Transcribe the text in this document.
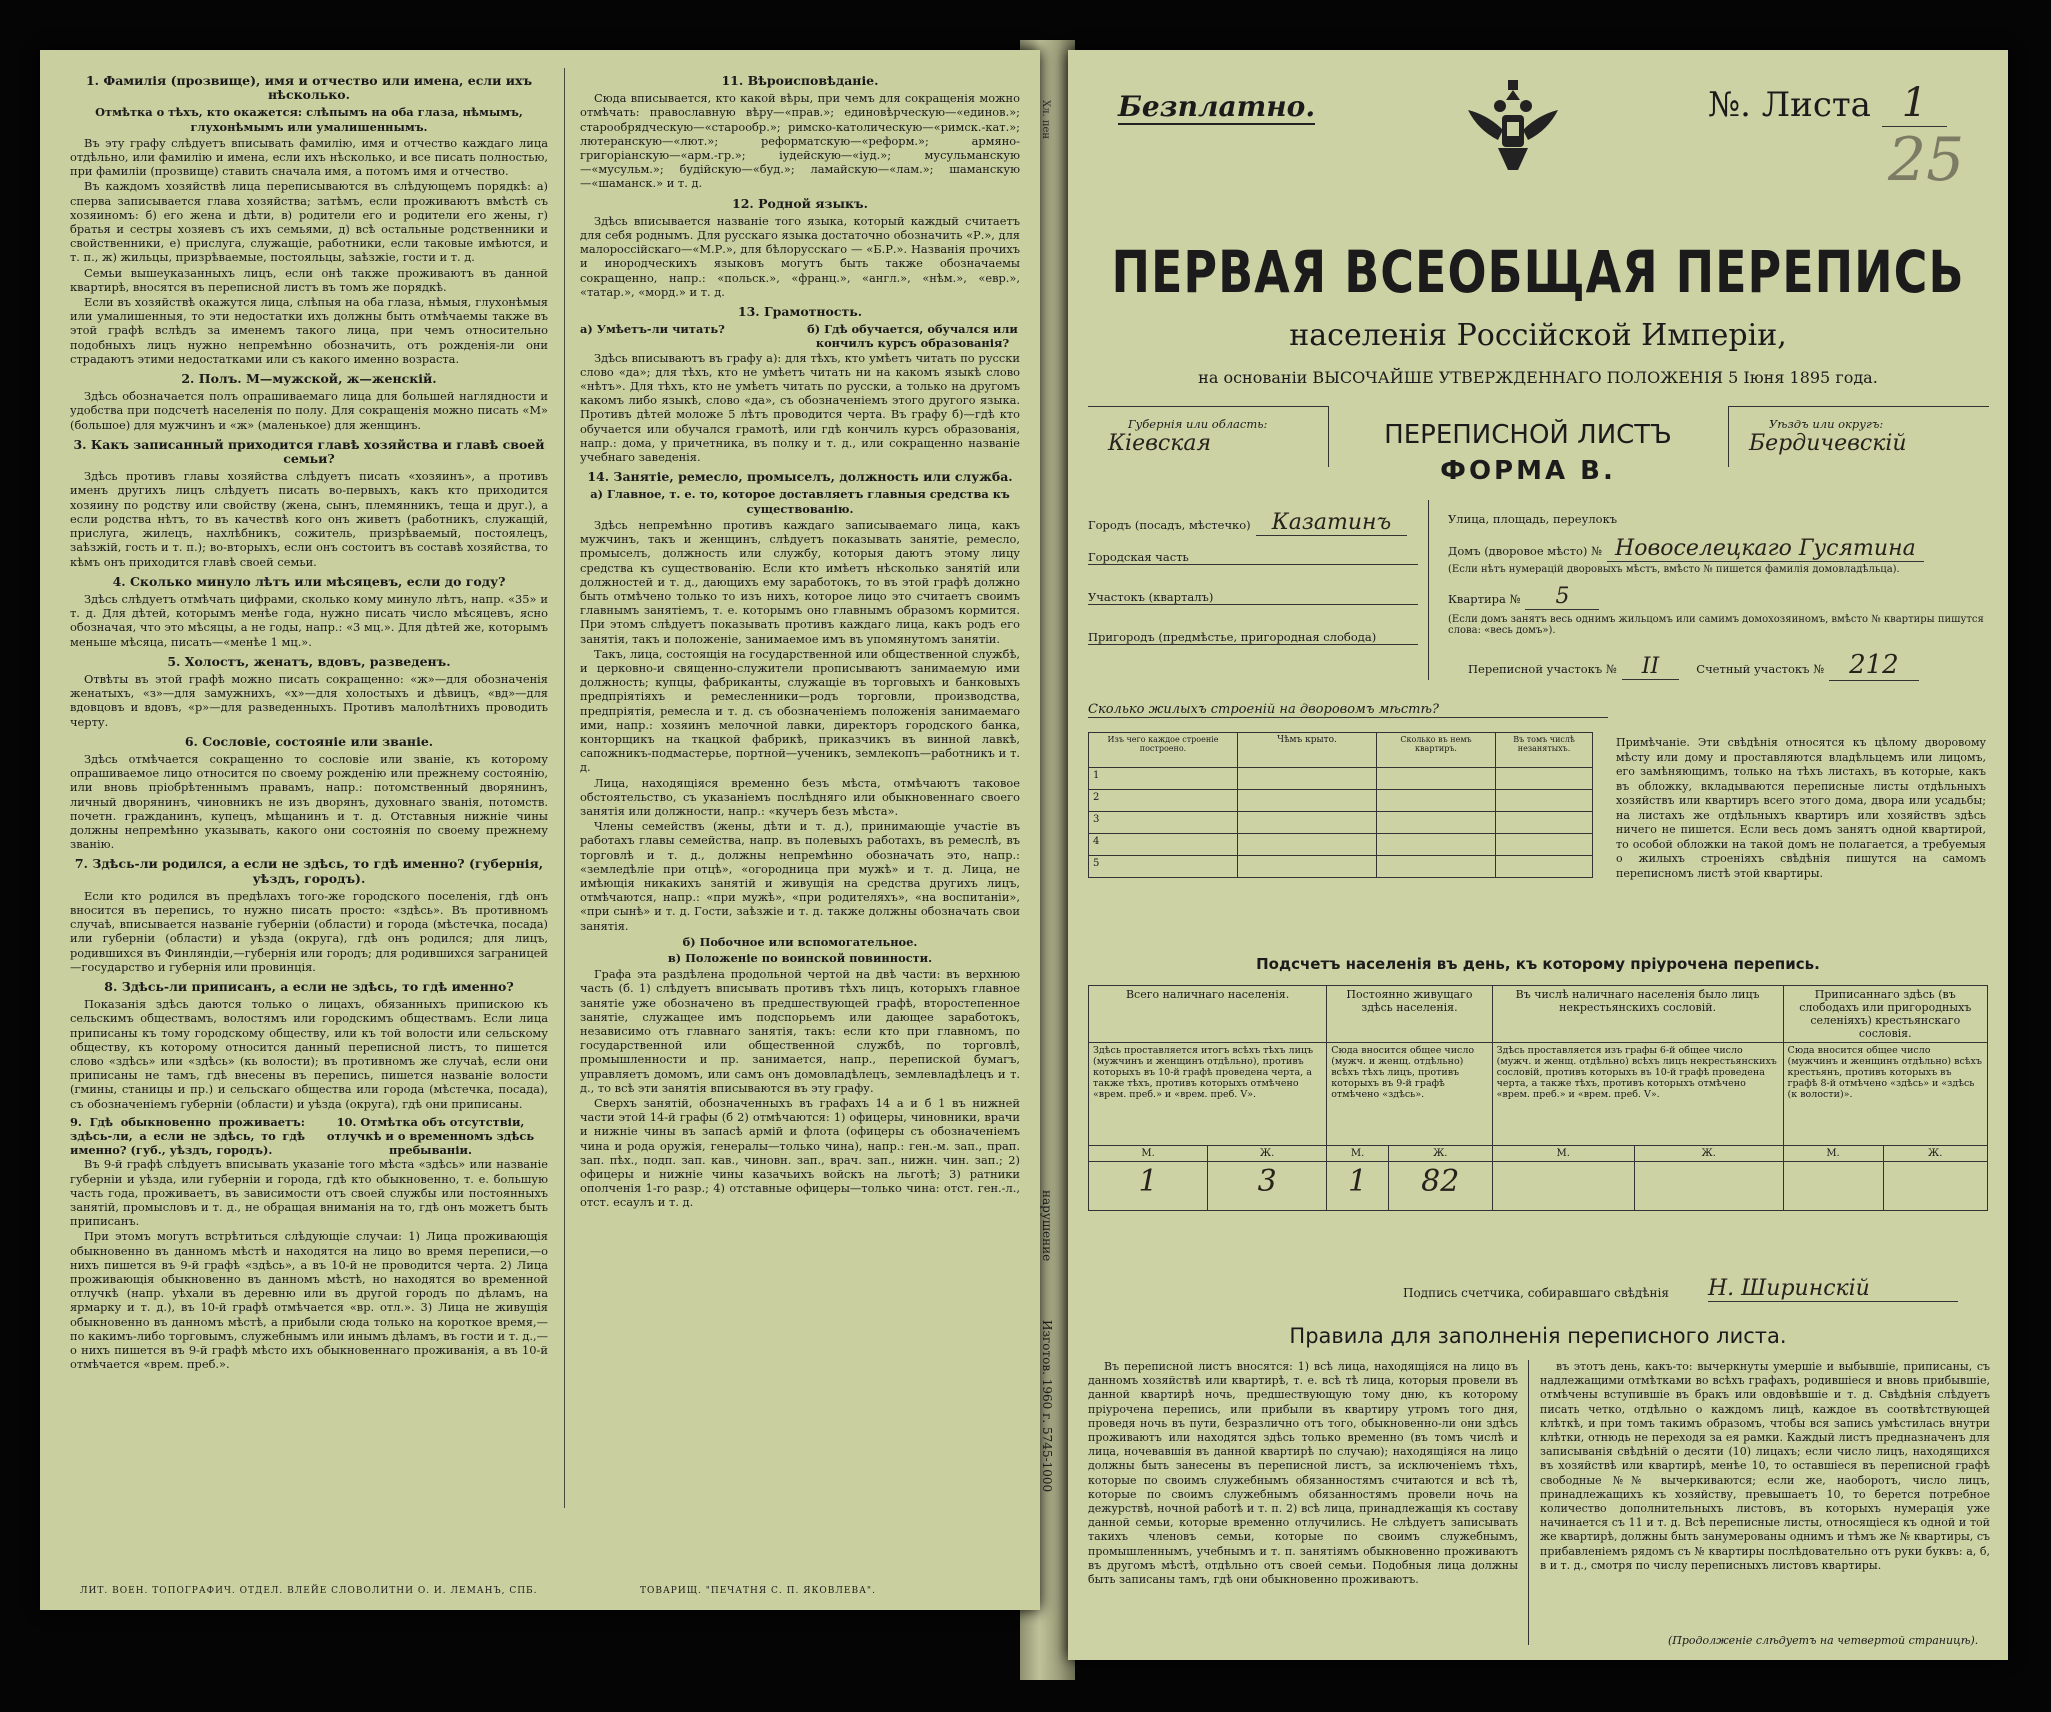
Хл. пен
нарушение
Изготов. 1960 г. 5745-1000
1. Фамилія (прозвище), имя и отчество или имена, если ихъ нѣсколько.
Отмѣтка о тѣхъ, кто окажется: слѣпымъ на оба глаза, нѣмымъ, глухонѣмымъ или умалишеннымъ.

Въ эту графу слѣдуетъ вписывать фамилію, имя и отчество каждаго лица отдѣльно, или фамилію и имена, если ихъ нѣсколько, и все писать полностью, при фамиліи (прозвище) ставить сначала имя, а потомъ имя и отчество.

Въ каждомъ хозяйствѣ лица переписываются въ слѣдующемъ порядкѣ: а) сперва записывается глава хозяйства; затѣмъ, если проживаютъ вмѣстѣ съ хозяиномъ: б) его жена и дѣти, в) родители его и родители его жены, г) братья и сестры хозяевъ съ ихъ семьями, д) всѣ остальные родственники и свойственники, е) прислуга, служащіе, работники, если таковые имѣются, и т. п., ж) жильцы, призрѣваемые, постояльцы, заѣзжіе, гости и т. д.

Семьи вышеуказанныхъ лицъ, если онѣ также проживаютъ въ данной квартирѣ, вносятся въ переписной листъ въ томъ же порядкѣ.

Если въ хозяйствѣ окажутся лица, слѣпыя на оба глаза, нѣмыя, глухонѣмыя или умалишенныя, то эти недостатки ихъ должны быть отмѣчаемы также въ этой графѣ вслѣдъ за именемъ такого лица, при чемъ относительно подобныхъ лицъ нужно непремѣнно обозначить, отъ рожденія-ли они страдаютъ этими недостатками или съ какого именно возраста.

2. Полъ. М—мужской, ж—женскій.

Здѣсь обозначается полъ опрашиваемаго лица для большей наглядности и удобства при подсчетѣ населенія по полу. Для сокращенія можно писать «М» (большое) для мужчинъ и «ж» (маленькое) для женщинъ.

3. Какъ записанный приходится главѣ хозяйства и главѣ своей семьи?

Здѣсь противъ главы хозяйства слѣдуетъ писать «хозяинъ», а противъ именъ другихъ лицъ слѣдуетъ писать во-первыхъ, какъ кто приходится хозяину по родству или свойству (жена, сынъ, племянникъ, теща и друг.), а если родства нѣтъ, то въ качествѣ кого онъ живетъ (работникъ, служащій, прислуга, жилецъ, нахлѣбникъ, сожитель, призрѣваемый, постоялецъ, заѣзжій, гость и т. п.); во-вторыхъ, если онъ состоитъ въ составѣ хозяйства, то кѣмъ онъ приходится главѣ своей семьи.

4. Сколько минуло лѣтъ или мѣсяцевъ, если до году?

Здѣсь слѣдуетъ отмѣчать цифрами, сколько кому минуло лѣтъ, напр. «35» и т. д. Для дѣтей, которымъ менѣе года, нужно писать число мѣсяцевъ, ясно обозначая, что это мѣсяцы, а не годы, напр.: «3 мц.». Для дѣтей же, которымъ меньше мѣсяца, писать—«менѣе 1 мц.».

5. Холостъ, женатъ, вдовъ, разведенъ.

Отвѣты въ этой графѣ можно писать сокращенно: «ж»—для обозначенія женатыхъ, «з»—для замужнихъ, «х»—для холостыхъ и дѣвицъ, «вд»—для вдовцовъ и вдовъ, «р»—для разведенныхъ. Противъ малолѣтнихъ проводить черту.

6. Сословіе, состояніе или званіе.

Здѣсь отмѣчается сокращенно то сословіе или званіе, къ которому опрашиваемое лицо относится по своему рожденію или прежнему состоянію, или вновь пріобрѣтеннымъ правамъ, напр.: потомственный дворянинъ, личный дворянинъ, чиновникъ не изъ дворянъ, духовнаго званія, потомств. почетн. гражданинъ, купецъ, мѣщанинъ и т. д. Отставныя нижніе чины должны непремѣнно указывать, какого они состоянія по своему прежнему званію.

7. Здѣсь-ли родился, а если не здѣсь, то гдѣ именно? (губернія, уѣздъ, городъ).

Если кто родился въ предѣлахъ того-же городского поселенія, гдѣ онъ вносится въ перепись, то нужно писать просто: «здѣсь». Въ противномъ случаѣ, вписывается названіе губерніи (области) и города (мѣстечка, посада) или губерніи (области) и уѣзда (округа), гдѣ онъ родился; для лицъ, родившихся въ Финляндіи,—губернія или городъ; для родившихся заграницей—государство и губернія или провинція.

8. Здѣсь-ли приписанъ, а если не здѣсь, то гдѣ именно?

Показанія здѣсь даются только о лицахъ, обязанныхъ припискою къ сельскимъ обществамъ, волостямъ или городскимъ обществамъ. Если лица приписаны къ тому городскому обществу, или къ той волости или сельскому обществу, къ которому относится данный переписной листъ, то пишется слово «здѣсь» или «здѣсь» (кь волости); въ противномъ же случаѣ, если они приписаны не тамъ, гдѣ внесены въ перепись, пишется названіе волости (гмины, станицы и пр.) и сельскаго общества или города (мѣстечка, посада), съ обозначеніемъ губерніи (области) и уѣзда (округа), гдѣ они приписаны.

9. Гдѣ обыкновенно проживаетъ: здѣсь-ли, а если не здѣсь, то гдѣ именно? (губ., уѣздъ, городъ).
10. Отмѣтка объ отсутствіи, отлучкѣ и о временномъ здѣсь пребываніи.

Въ 9-й графѣ слѣдуетъ вписывать указаніе того мѣста «здѣсь» или названіе губерніи и уѣзда, или губерніи и города, гдѣ кто обыкновенно, т. е. большую часть года, проживаетъ, въ зависимости отъ своей службы или постоянныхъ занятій, промысловъ и т. д., не обращая вниманія на то, гдѣ онъ можетъ быть приписанъ.

При этомъ могутъ встрѣтиться слѣдующіе случаи: 1) Лица проживающія обыкновенно въ данномъ мѣстѣ и находятся на лицо во время переписи,—о нихъ пишется въ 9-й графѣ «здѣсь», а въ 10-й не проводится черта. 2) Лица проживающія обыкновенно въ данномъ мѣстѣ, но находятся во временной отлучкѣ (напр. уѣхали въ деревню или въ другой городъ по дѣламъ, на ярмарку и т. д.), въ 10-й графѣ отмѣчается «вр. отл.». 3) Лица не живущія обыкновенно въ данномъ мѣстѣ, а прибыли сюда только на короткое время,—по какимъ-либо торговымъ, служебнымъ или инымъ дѣламъ, въ гости и т. д.,—о нихъ пишется въ 9-й графѣ мѣсто ихъ обыкновеннаго проживанія, а въ 10-й отмѣчается «врем. преб.».

11. Вѣроисповѣданіе.

Сюда вписывается, кто какой вѣры, при чемъ для сокращенія можно отмѣчать: православную вѣру—«прав.»; единовѣрческую—«единов.»; старообрядческую—«старообр.»; римско-католическую—«римск.-кат.»; лютеранскую—«лют.»; реформатскую—«реформ.»; армяно-григоріанскую—«арм.-гр.»; іудейскую—«іуд.»; мусульманскую—«мусульм.»; будійскую—«буд.»; ламайскую—«лам.»; шаманскую—«шаманск.» и т. д.

12. Родной языкъ.

Здѣсь вписывается названіе того языка, который каждый считаетъ для себя роднымъ. Для русскаго языка достаточно обозначить «Р.», для малороссійскаго—«М.Р.», для бѣлорусскаго — «Б.Р.». Названія прочихъ и инородческихъ языковъ могутъ быть также обозначаемы сокращенно, напр.: «польск.», «франц.», «англ.», «нѣм.», «евр.», «татар.», «морд.» и т. д.

13. Грамотность.
а) Умѣетъ-ли читать?	б) Гдѣ обучается, обучался или кончилъ курсъ образованія?

Здѣсь вписываютъ въ графу а): для тѣхъ, кто умѣетъ читать по русски слово «да»; для тѣхъ, кто не умѣетъ читать ни на какомъ языкѣ слово «нѣтъ». Для тѣхъ, кто не умѣетъ читать по русски, а только на другомъ какомъ либо языкѣ, слово «да», съ обозначеніемъ этого другого языка. Противъ дѣтей моложе 5 лѣтъ проводится черта. Въ графу б)—гдѣ кто обучается или обучался грамотѣ, или гдѣ кончилъ курсъ образованія, напр.: дома, у причетника, въ полку и т. д., или сокращенно названіе учебнаго заведенія.

14. Занятіе, ремесло, промыселъ, должность или служба.
а) Главное, т. е. то, которое доставляетъ главныя средства къ существованію.

Здѣсь непремѣнно противъ каждаго записываемаго лица, какъ мужчинъ, такъ и женщинъ, слѣдуетъ показывать занятіе, ремесло, промыселъ, должность или службу, которыя даютъ этому лицу средства къ существованію. Если кто имѣетъ нѣсколько занятій или должностей и т. д., дающихъ ему заработокъ, то въ этой графѣ должно быть отмѣчено только то изъ нихъ, которое лицо это считаетъ своимъ главнымъ занятіемъ, т. е. которымъ оно главнымъ образомъ кормится. При этомъ слѣдуетъ показывать противъ каждаго лица, какъ родъ его занятія, такъ и положеніе, занимаемое имъ въ упомянутомъ занятіи.

Такъ, лица, состоящія на государственной или общественной службѣ, и церковно-и священно-служители прописываютъ занимаемую ими должность; купцы, фабриканты, служащіе въ торговыхъ и банковыхъ предпріятіяхъ и ремесленники—родъ торговли, производства, предпріятія, ремесла и т. д. съ обозначеніемъ положенія занимаемаго ими, напр.: хозяинъ мелочной лавки, директоръ городского банка, конторщикъ на ткацкой фабрикѣ, приказчикъ въ винной лавкѣ, сапожникъ-подмастерье, портной—ученикъ, землекопъ—работникъ и т. д.

Лица, находящіяся временно безъ мѣста, отмѣчаютъ таковое обстоятельство, съ указаніемъ послѣдняго или обыкновеннаго своего занятія или должности, напр.: «кучеръ безъ мѣста».

Члены семействъ (жены, дѣти и т. д.), принимающіе участіе въ работахъ главы семейства, напр. въ полевыхъ работахъ, въ ремеслѣ, въ торговлѣ и т. д., должны непремѣнно обозначать это, напр.: «земледѣліе при отцѣ», «огородница при мужѣ» и т. д. Лица, не имѣющія никакихъ занятій и живущія на средства другихъ лицъ, отмѣчаются, напр.: «при мужѣ», «при родителяхъ», «на воспитаніи», «при сынѣ» и т. д. Гости, заѣзжіе и т. д. также должны обозначать свои занятія.

б) Побочное или вспомогательное.
в) Положеніе по воинской повинности.

Графа эта раздѣлена продольной чертой на двѣ части: въ верхнюю часть (б. 1) слѣдуетъ вписывать противъ тѣхъ лицъ, которыхъ главное занятіе уже обозначено въ предшествующей графѣ, второстепенное занятіе, служащее имъ подспорьемъ или дающее заработокъ, независимо отъ главнаго занятія, такъ: если кто при главномъ, по государственной или общественной службѣ, по торговлѣ, промышленности и пр. занимается, напр., перепиской бумагъ, управляетъ домомъ, или самъ онъ домовладѣлецъ, землевладѣлецъ и т. д., то всѣ эти занятія вписываются въ эту графу.

Сверхъ занятій, обозначенныхъ въ графахъ 14 а и б 1 въ нижней части этой 14-й графы (б 2) отмѣчаются: 1) офицеры, чиновники, врачи и нижніе чины въ запасѣ армій и флота (офицеры съ обозначеніемъ чина и рода оружія, генералы—только чина), напр.: ген.-м. зап., прап. зап. пѣх., подп. зап. кав., чиновн. зап., врач. зап., нижн. чин. зап.; 2) офицеры и нижніе чины казачьихъ войскъ на льготѣ; 3) ратники ополченія 1-го разр.; 4) отставные офицеры—только чина: отст. ген.-л., отст. есаулъ и т. д.

ЛИТ. ВОЕН. ТОПОГРАФИЧ. ОТДЕЛ. ВЛЕЙЕ СЛОВОЛИТНИ О. И. ЛЕМАНЪ, СПБ.	ТОВАРИЩ. "ПЕЧАТНЯ С. П. ЯКОВЛЕВА".
Безплатно.	№. Листа 1
25
ПЕРВАЯ ВСЕОБЩАЯ ПЕРЕПИСЬ
населенія Россійской Имперіи,
на основаніи ВЫСОЧАЙШЕ УТВЕРЖДЕННАГО ПОЛОЖЕНІЯ 5 Іюня 1895 года.
Губернія или область:
Кіевская	ПЕРЕПИСНОЙ ЛИСТЪ
ФОРМА В.
Уѣздъ или округъ:
Бердичевскій
Городъ (посадъ, мѣстечко) Казатинъ
Городская часть
Участокъ (кварталъ)
Пригородъ (предмѣстье, пригородная слобода)
Улица, площадь, переулокъ
Домъ (дворовое мѣсто) № Новоселецкаго Гусятина
(Если нѣтъ нумерацій дворовыхъ мѣстъ, вмѣсто № пишется фамилія домовладѣльца).
Квартира № 5
(Если домъ занятъ весь однимъ жильцомъ или самимъ домохозяиномъ, вмѣсто № квартиры пишутся слова: «весь домъ»).
Переписной участокъ № II	Счетный участокъ № 212
Сколько жилыхъ строеній на дворовомъ мѣстѣ?
Изъ чего каждое строеніе построено.	Чѣмъ крыто.	Сколько въ немъ квартиръ.	Въ томъ числѣ незанятыхъ.
1			
2			
3			
4			
5			
Примѣчаніе. Эти свѣдѣнія относятся къ цѣлому дворовому мѣсту или дому и проставляются владѣльцемъ или лицомъ, его замѣняющимъ, только на тѣхъ листахъ, въ которые, какъ въ обложку, вкладываются переписные листы отдѣльныхъ хозяйствъ или квартиръ всего этого дома, двора или усадьбы; на листахъ же отдѣльныхъ квартиръ или хозяйствъ здѣсь ничего не пишется. Если весь домъ занятъ одной квартирой, то особой обложки на такой домъ не полагается, а требуемыя о жилыхъ строеніяхъ свѣдѣнія пишутся на самомъ переписномъ листѣ этой квартиры.
Подсчетъ населенія въ день, къ которому пріурочена перепись.
Всего наличнаго населенія.		Постоянно живущаго здѣсь населенія.		Въ числѣ наличнаго населенія было лицъ некрестьянскихъ сословій.		Приписаннаго здѣсь (въ слободахъ или пригородныхъ селеніяхъ) крестьянскаго сословія.	
Здѣсь проставляется итогъ всѣхъ тѣхъ лицъ (мужчинъ и женщинъ отдѣльно), противъ которыхъ въ 10-й графѣ проведена черта, а также тѣхъ, противъ которыхъ отмѣчено «врем. преб.» и «врем. преб. V».		Сюда вносится общее число (мужч. и женщ. отдѣльно) всѣхъ тѣхъ лицъ, противъ которыхъ въ 9-й графѣ отмѣчено «здѣсь».		Здѣсь проставляется изъ графы 6-й общее число (мужч. и женщ. отдѣльно) всѣхъ лицъ некрестьянскихъ сословій, противъ которыхъ въ 10-й графѣ проведена черта, а также тѣхъ, противъ которыхъ отмѣчено «врем. преб.» и «врем. преб. V».		Сюда вносится общее число (мужчинъ и женщинъ отдѣльно) всѣхъ крестьянъ, противъ которыхъ въ графѣ 8-й отмѣчено «здѣсь» и «здѣсь (к волости)».	
М.	Ж.	М.	Ж.	М.	Ж.	М.	Ж.
1	3	1	82				
Подпись счетчика, собиравшаго свѣдѣнія Н. Ширинскій
Правила для заполненія переписного листа.

Въ переписной листъ вносятся: 1) всѣ лица, находящіяся на лицо въ данномъ хозяйствѣ или квартирѣ, т. е. всѣ тѣ лица, которыя провели въ данной квартирѣ ночь, предшествующую тому дню, къ которому пріурочена перепись, или прибыли въ квартиру утромъ того дня, проведя ночь въ пути, безразлично отъ того, обыкновенно-ли они здѣсь проживаютъ или находятся здѣсь только временно (въ томъ числѣ и лица, ночевавшія въ данной квартирѣ по случаю); находящіяся на лицо должны быть занесены въ переписной листъ, за исключеніемъ тѣхъ, которые по своимъ служебнымъ обязанностямъ считаются и всѣ тѣ, которые по своимъ служебнымъ обязанностямъ провели ночь на дежурствѣ, ночной работѣ и т. п. 2) всѣ лица, принадлежащія къ составу данной семьи, которые временно отлучились. Не слѣдуетъ записывать такихъ членовъ семьи, которые по своимъ служебнымъ, промышленнымъ, учебнымъ и т. п. занятіямъ обыкновенно проживаютъ въ другомъ мѣстѣ, отдѣльно отъ своей семьи. Подобныя лица должны быть записаны тамъ, гдѣ они обыкновенно проживаютъ.

въ этотъ день, какъ-то: вычеркнуты умершіе и выбывшіе, приписаны, съ надлежащими отмѣтками во всѣхъ графахъ, родившіеся и вновь прибывшіе, отмѣчены вступившіе въ бракъ или овдовѣвшіе и т. д. Свѣдѣнія слѣдуетъ писать четко, отдѣльно о каждомъ лицѣ, каждое въ соотвѣтствующей клѣткѣ, и при томъ такимъ образомъ, чтобы вся запись умѣстилась внутри клѣтки, отнюдь не переходя за ея рамки. Каждый листъ предназначенъ для записыванія свѣдѣній о десяти (10) лицахъ; если число лицъ, находящихся въ хозяйствѣ или квартирѣ, менѣе 10, то оставшіеся въ переписной графѣ свободные №№ вычеркиваются; если же, наоборотъ, число лицъ, принадлежащихъ къ хозяйству, превышаетъ 10, то берется потребное количество дополнительныхъ листовъ, въ которыхъ нумерація уже начинается съ 11 и т. д. Всѣ переписные листы, относящіеся къ одной и той же квартирѣ, должны быть занумерованы однимъ и тѣмъ же № квартиры, съ прибавленіемъ рядомъ съ № квартиры послѣдовательно отъ руки буквъ: а, б, в и т. д., смотря по числу переписныхъ листовъ квартиры.

(Продолженіе слѣдуетъ на четвертой страницѣ).
